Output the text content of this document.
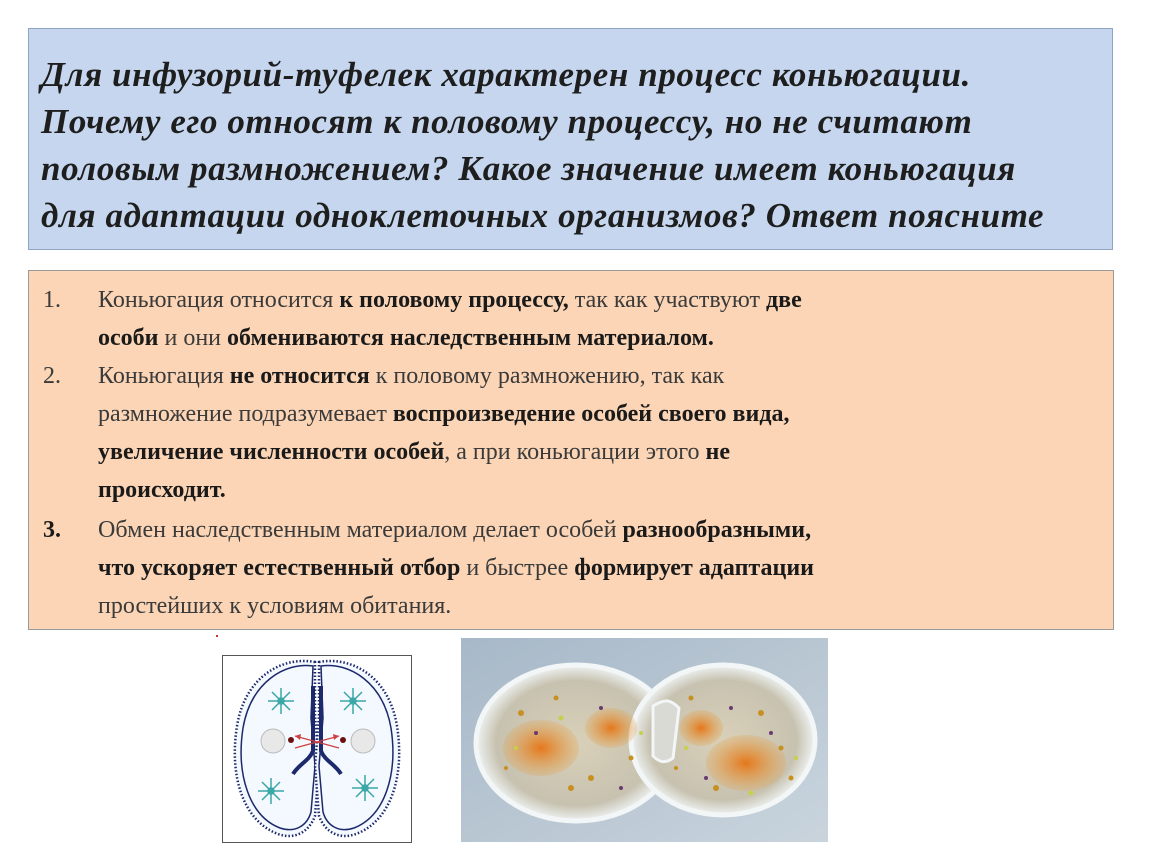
Для инфузорий-туфелек характерен процесс коньюгации.

Почему его относят к половому процессу, но не считают

половым размножением? Какое значение имеет коньюгация

для адаптации одноклеточных организмов? Ответ поясните

1. Коньюгация относится к половому процессу, так как участвуют две
особи и они обмениваются наследственным материалом.
2. Коньюгация не относится к половому размножению, так как
размножение подразумевает воспроизведение особей своего вида,
увеличение численности особей, а при коньюгации этого не
происходит.
3. Обмен наследственным материалом делает особей разнообразными,
что ускоряет естественный отбор и быстрее формирует адаптации
простейших к условиям обитания.
